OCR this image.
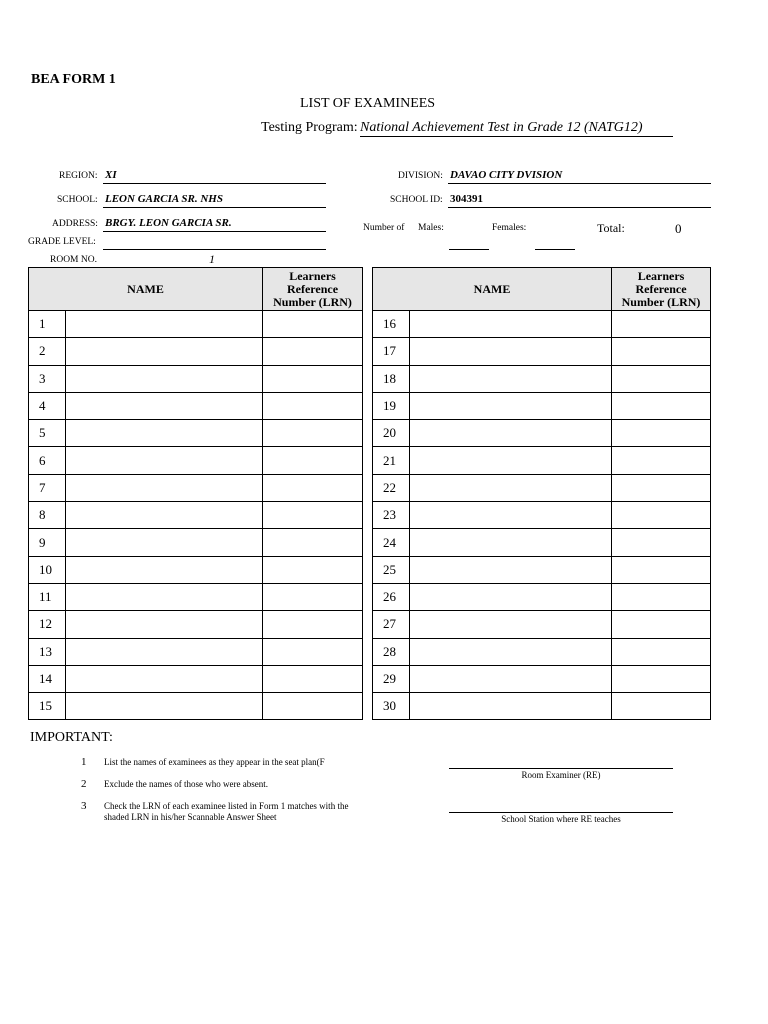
BEA FORM 1
LIST OF EXAMINEES
Testing Program: National Achievement Test in Grade 12 (NATG12)
REGION: XI
SCHOOL: LEON GARCIA SR. NHS
ADDRESS: BRGY. LEON GARCIA SR.
GRADE LEVEL:
ROOM NO.	1
DIVISION: DAVAO CITY DVISION
SCHOOL ID: 304391
Number of Males:	Females:	Total:	0
NAME		Learners
Reference
Number (LRN)

1		
2		
3		
4		
5		
6		
7		
8		
9		
10		
11		
12		
13		
14		
15		
NAME		Learners
Reference
Number (LRN)

16		
17		
18		
19		
20		
21		
22		
23		
24		
25		
26		
27		
28		
29		
30		
IMPORTANT:
1 List the names of examinees as they appear in the seat plan(F
2 Exclude the names of those who were absent.
3 Check the LRN of each examinee listed in Form 1 matches with the shaded LRN in his/her Scannable Answer Sheet
Room Examiner (RE)
School Station where RE teaches
